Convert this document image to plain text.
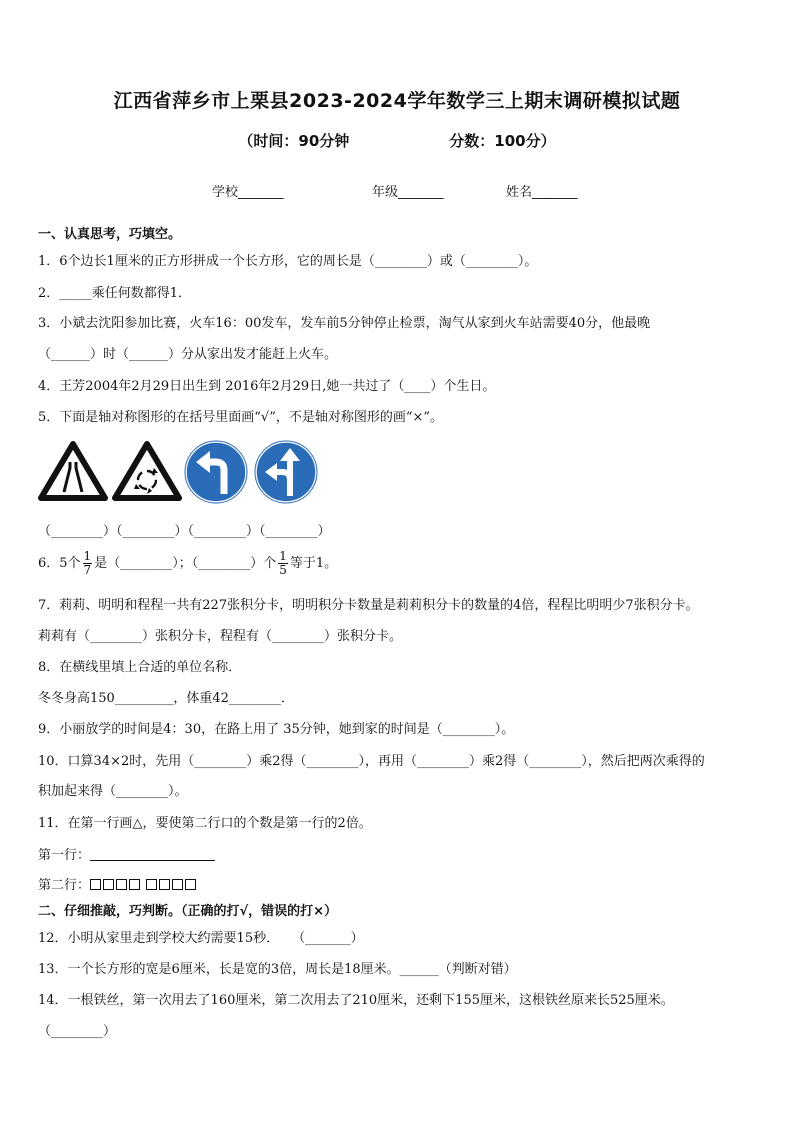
江西省萍乡市上栗县2023-2024学年数学三上期末调研模拟试题
（时间：90分钟	分数：100分）
学校_______	年级_______	姓名_______
一、认真思考，巧填空。
1．6个边长1厘米的正方形拼成一个长方形，它的周长是（________）或（________）。
2．_____乘任何数都得1．
3．小斌去沈阳参加比赛，火车16：00发车，发车前5分钟停止检票，淘气从家到火车站需要40分，他最晚
（______）时（______）分从家出发才能赶上火车。
4．王芳2004年2月29日出生到 2016年2月29日,她一共过了（____）个生日。
5．下面是轴对称图形的在括号里面画“√”，不是轴对称图形的画“×”。
（________）（________）（________）（________）
6．5个 $\frac{1}{7}$ 是（________）；（________）个 $\frac{1}{5}$ 等于1。
7．莉莉、明明和程程一共有227张积分卡，明明积分卡数量是莉莉积分卡的数量的4倍，程程比明明少7张积分卡。
莉莉有（________）张积分卡，程程有（________）张积分卡。
8．在横线里填上合适的单位名称．
冬冬身高150_________，体重42________．
9．小丽放学的时间是4：30，在路上用了 35分钟，她到家的时间是（________）。
10．口算34×2时，先用（________）乘2得（________），再用（________）乘2得（________），然后把两次乘得的
积加起来得（________）。
11．在第一行画△，要使第二行口的个数是第一行的2倍。
第一行：
第二行：
二、仔细推敲，巧判断。（正确的打√，错误的打×）
12．小明从家里走到学校大约需要15秒．　　（_______）
13．一个长方形的宽是6厘米，长是宽的3倍，周长是18厘米。______（判断对错）
14．一根铁丝，第一次用去了160厘米，第二次用去了210厘米，还剩下155厘米，这根铁丝原来长525厘米。
（________）
